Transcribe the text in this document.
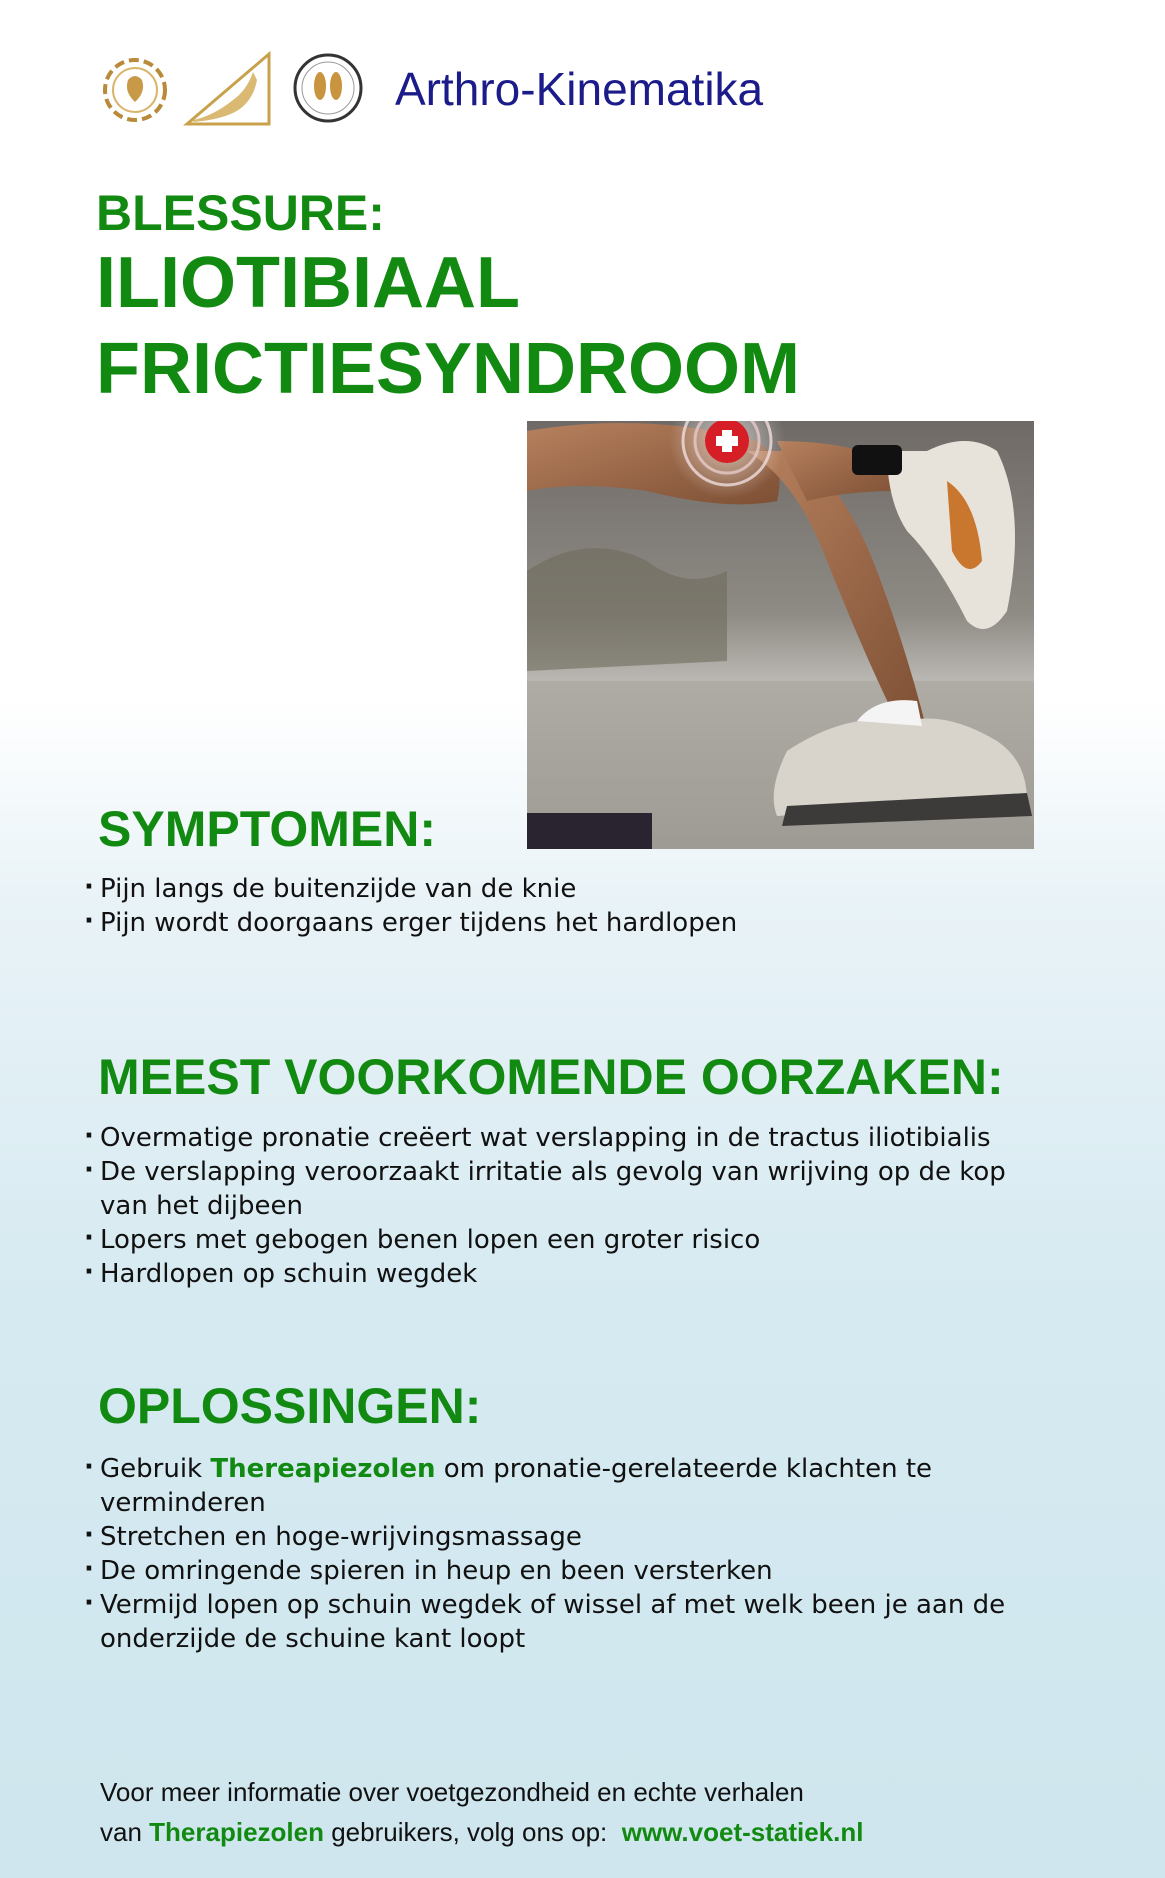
Arthro-Kinematika
BLESSURE:
ILIOTIBIAAL
FRICTIESYNDROOM
SYMPTOMEN:
· Pijn langs de buitenzijde van de knie
· Pijn wordt doorgaans erger tijdens het hardlopen
MEEST VOORKOMENDE OORZAKEN:
· Overmatige pronatie creëert wat verslapping in de tractus iliotibialis
· De verslapping veroorzaakt irritatie als gevolg van wrijving op de kop van het dijbeen
· Lopers met gebogen benen lopen een groter risico
· Hardlopen op schuin wegdek
OPLOSSINGEN:
· Gebruik Thereapiezolen om pronatie-gerelateerde klachten te verminderen
· Stretchen en hoge-wrijvingsmassage
· De omringende spieren in heup en been versterken
· Vermijd lopen op schuin wegdek of wissel af met welk been je aan de onderzijde de schuine kant loopt
Voor meer informatie over voetgezondheid en echte verhalen
van Therapiezolen gebruikers, volg ons op: www.voet-statiek.nl
